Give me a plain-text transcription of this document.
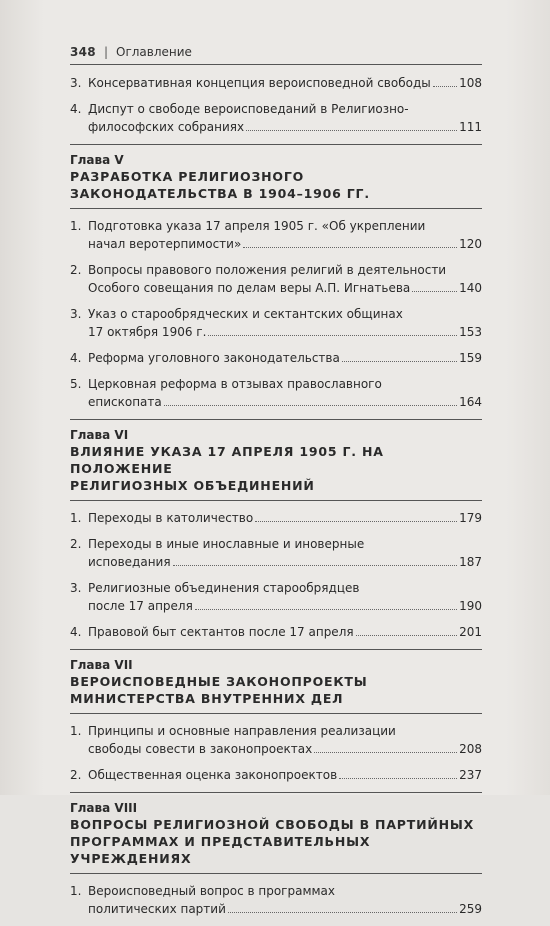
348 | Оглавление
3. Консервативная концепция вероисповедной свободы 108
4. Диспут о свободе вероисповеданий в Религиозно-
философских собраниях	111
Глава V
РАЗРАБОТКА РЕЛИГИОЗНОГО
ЗАКОНОДАТЕЛЬСТВА В 1904–1906 ГГ.
1. Подготовка указа 17 апреля 1905 г. «Об укреплении
начал веротерпимости»	120
2. Вопросы правового положения религий в деятельности
Особого совещания по делам веры А.П. Игнатьева	140
3. Указ о старообрядческих и сектантских общинах
17 октября 1906 г.	153
4. Реформа уголовного законодательства	159
5. Церковная реформа в отзывах православного
епископата	164
Глава VI
ВЛИЯНИЕ УКАЗА 17 АПРЕЛЯ 1905 Г. НА ПОЛОЖЕНИЕ
РЕЛИГИОЗНЫХ ОБЪЕДИНЕНИЙ
1. Переходы в католичество	179
2. Переходы в иные инославные и иноверные
исповедания	187
3. Религиозные объединения старообрядцев
после 17 апреля	190
4. Правовой быт сектантов после 17 апреля	201
Глава VII
ВЕРОИСПОВЕДНЫЕ ЗАКОНОПРОЕКТЫ
МИНИСТЕРСТВА ВНУТРЕННИХ ДЕЛ
1. Принципы и основные направления реализации
свободы совести в законопроектах	208
2. Общественная оценка законопроектов	237
Глава VIII
ВОПРОСЫ РЕЛИГИОЗНОЙ СВОБОДЫ В ПАРТИЙНЫХ
ПРОГРАММАХ И ПРЕДСТАВИТЕЛЬНЫХ УЧРЕЖДЕНИЯХ
1. Вероисповедный вопрос в программах
политических партий	259
